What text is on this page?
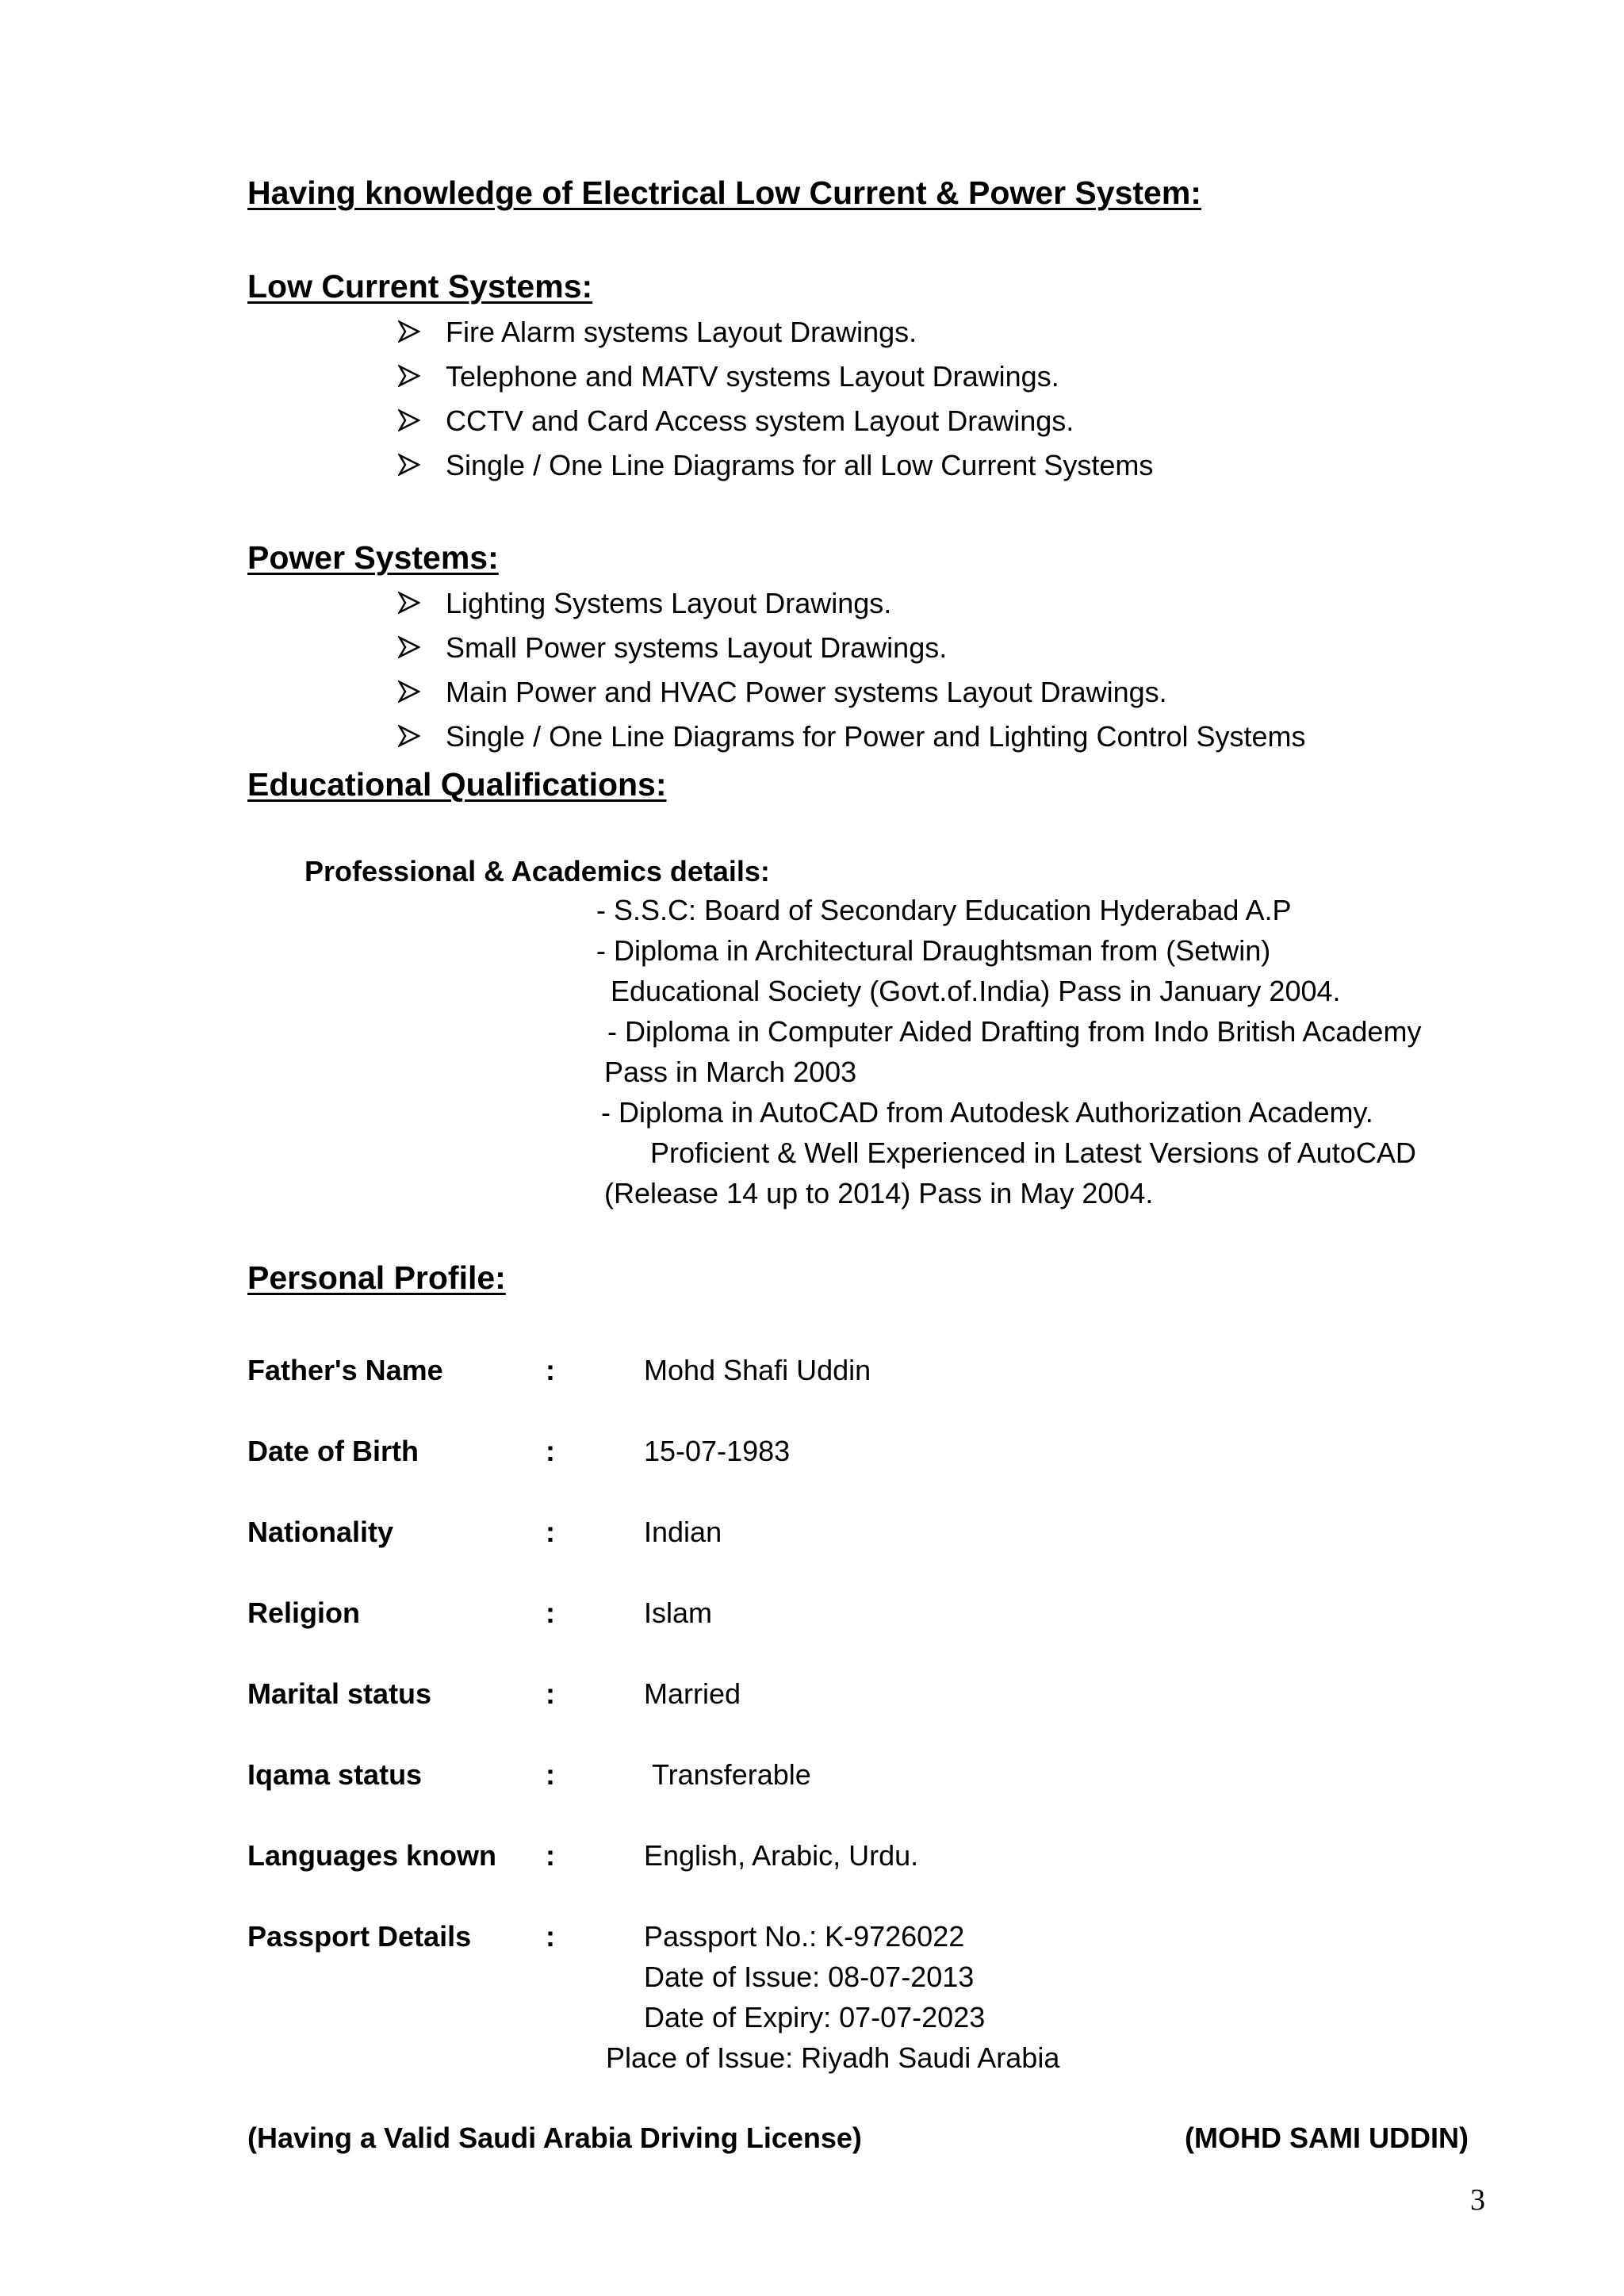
Having knowledge of Electrical Low Current & Power System:
Low Current Systems:
Fire Alarm systems Layout Drawings.
Telephone and MATV systems Layout Drawings.
CCTV and Card Access system Layout Drawings.
Single / One Line Diagrams for all Low Current Systems
Power Systems:
Lighting Systems Layout Drawings.
Small Power systems Layout Drawings.
Main Power and HVAC Power systems Layout Drawings.
Single / One Line Diagrams for Power and Lighting Control Systems
Educational Qualifications:
Professional & Academics details:
- S.S.C: Board of Secondary Education Hyderabad A.P
- Diploma in Architectural Draughtsman from (Setwin)
Educational Society (Govt.of.India) Pass in January 2004.
- Diploma in Computer Aided Drafting from Indo British Academy
Pass in March 2003
- Diploma in AutoCAD from Autodesk Authorization Academy.
Proficient & Well Experienced in Latest Versions of AutoCAD
(Release 14 up to 2014) Pass in May 2004.
Personal Profile:
Father's Name	:	Mohd Shafi Uddin
Date of Birth	:	15-07-1983
Nationality	:	Indian
Religion	:	Islam
Marital status	:	Married
Iqama status	:	Transferable
Languages known :	English, Arabic, Urdu.
Passport Details	:	Passport No.: K-9726022
Date of Issue: 08-07-2013
Date of Expiry: 07-07-2023
Place of Issue: Riyadh Saudi Arabia
(Having a Valid Saudi Arabia Driving License)	(MOHD SAMI UDDIN)
3
